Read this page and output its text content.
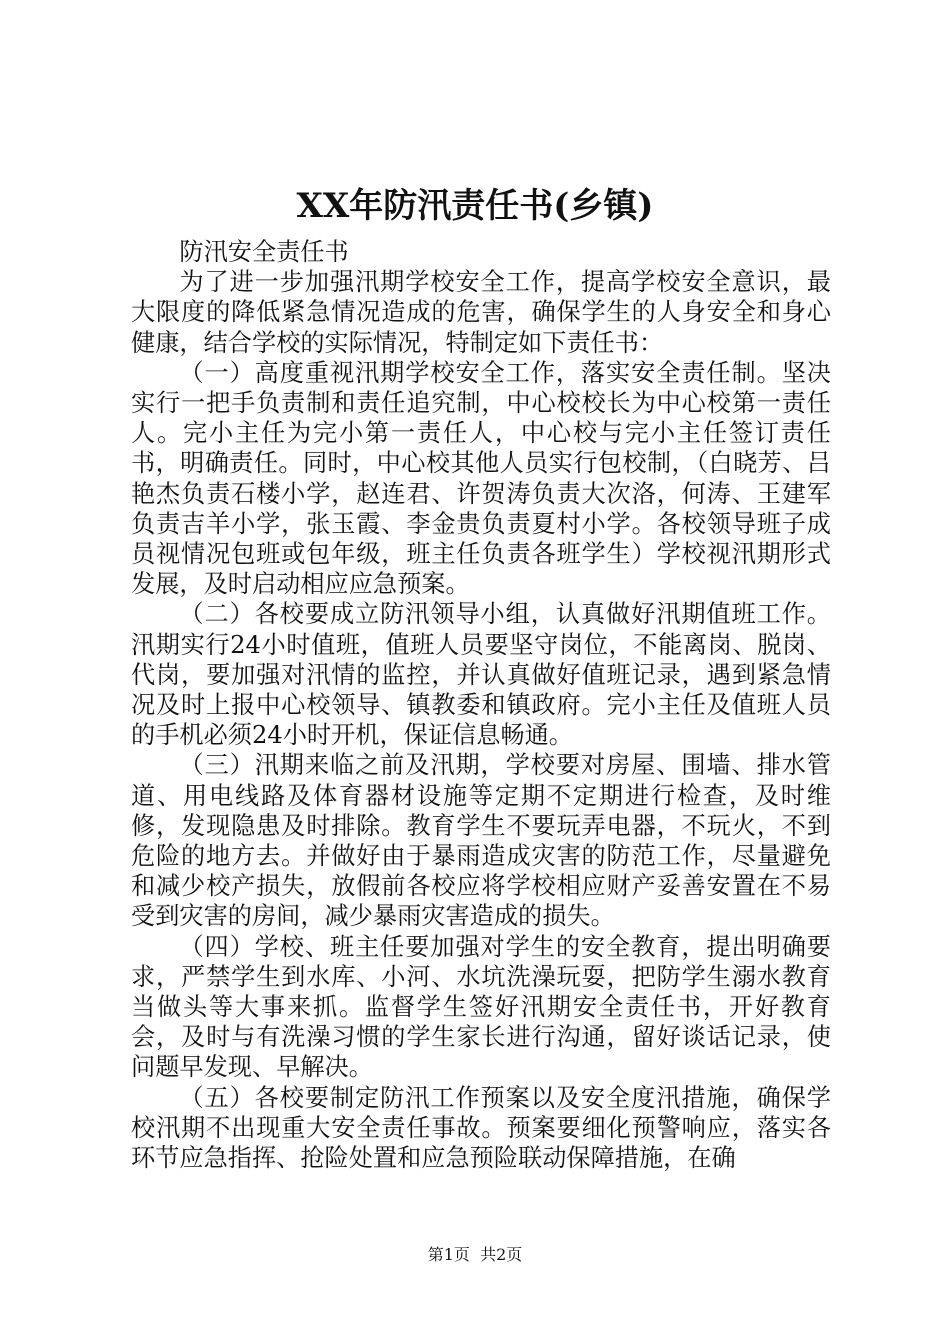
XX年防汛责任书(乡镇)

防汛安全责任书

为了进一步加强汛期学校安全工作，提高学校安全意识，最大限度的降低紧急情况造成的危害，确保学生的人身安全和身心健康，结合学校的实际情况，特制定如下责任书：

（一）高度重视汛期学校安全工作，落实安全责任制。坚决实行一把手负责制和责任追究制，中心校校长为中心校第一责任人。完小主任为完小第一责任人，中心校与完小主任签订责任书，明确责任。同时，中心校其他人员实行包校制，（白晓芳、吕艳杰负责石楼小学，赵连君、许贺涛负责大次洛，何涛、王建军负责吉羊小学，张玉霞、李金贵负责夏村小学。各校领导班子成员视情况包班或包年级，班主任负责各班学生）学校视汛期形式发展，及时启动相应应急预案。

（二）各校要成立防汛领导小组，认真做好汛期值班工作。汛期实行24小时值班，值班人员要坚守岗位，不能离岗、脱岗、代岗，要加强对汛情的监控，并认真做好值班记录，遇到紧急情况及时上报中心校领导、镇教委和镇政府。完小主任及值班人员的手机必须24小时开机，保证信息畅通。

（三）汛期来临之前及汛期，学校要对房屋、围墙、排水管道、用电线路及体育器材设施等定期不定期进行检查，及时维修，发现隐患及时排除。教育学生不要玩弄电器，不玩火，不到危险的地方去。并做好由于暴雨造成灾害的防范工作，尽量避免和减少校产损失，放假前各校应将学校相应财产妥善安置在不易受到灾害的房间，减少暴雨灾害造成的损失。

（四）学校、班主任要加强对学生的安全教育，提出明确要求，严禁学生到水库、小河、水坑洗澡玩耍，把防学生溺水教育当做头等大事来抓。监督学生签好汛期安全责任书，开好教育会，及时与有洗澡习惯的学生家长进行沟通，留好谈话记录，使问题早发现、早解决。

（五）各校要制定防汛工作预案以及安全度汛措施，确保学校汛期不出现重大安全责任事故。预案要细化预警响应，落实各环节应急指挥、抢险处置和应急预险联动保障措施，在确

第1页 共2页
